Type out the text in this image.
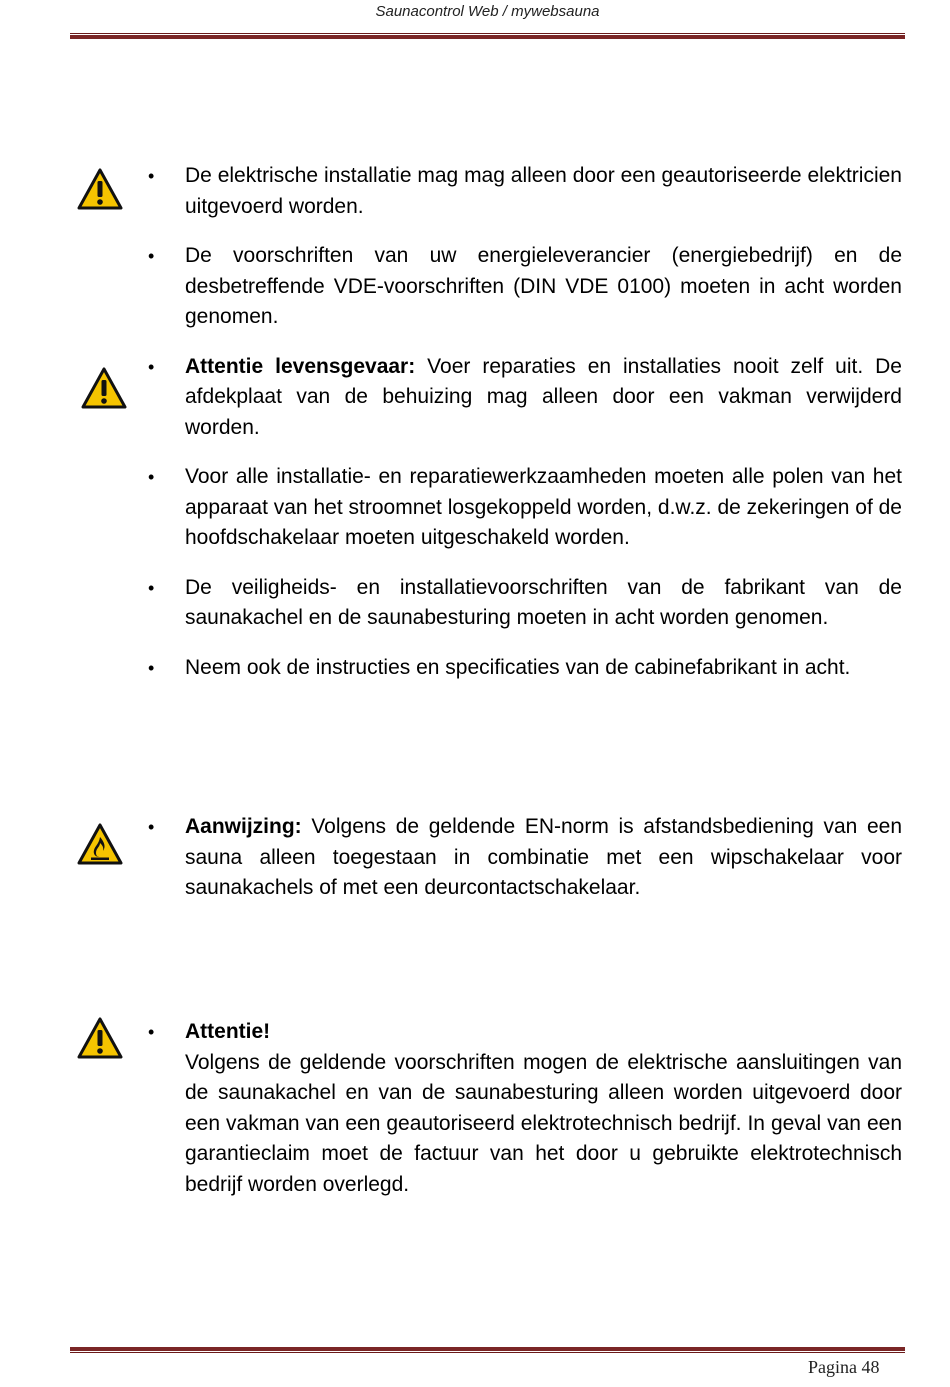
Saunacontrol Web / mywebsauna
• De elektrische installatie mag mag alleen door een geautoriseerde elektricien uitgevoerd worden.
• De voorschriften van uw energieleverancier (energiebedrijf) en de desbetreffende VDE-voorschriften (DIN VDE 0100) moeten in acht worden genomen.
• Attentie levensgevaar: Voer reparaties en installaties nooit zelf uit. De afdekplaat van de behuizing mag alleen door een vakman verwijderd worden.
• Voor alle installatie- en reparatiewerkzaamheden moeten alle polen van het apparaat van het stroomnet losgekoppeld worden, d.w.z. de zekeringen of de hoofdschakelaar moeten uitgeschakeld worden.
• De veiligheids- en installatievoorschriften van de fabrikant van de saunakachel en de saunabesturing moeten in acht worden genomen.
• Neem ook de instructies en specificaties van de cabinefabrikant in acht.
• Aanwijzing: Volgens de geldende EN-norm is afstandsbediening van een sauna alleen toegestaan in combinatie met een wipschakelaar voor saunakachels of met een deurcontactschakelaar.
• Attentie!
Volgens de geldende voorschriften mogen de elektrische aansluitingen van de saunakachel en van de saunabesturing alleen worden uitgevoerd door een vakman van een geautoriseerd elektrotechnisch bedrijf. In geval van een garantieclaim moet de factuur van het door u gebruikte elektrotechnisch bedrijf worden overlegd.
Pagina 48
